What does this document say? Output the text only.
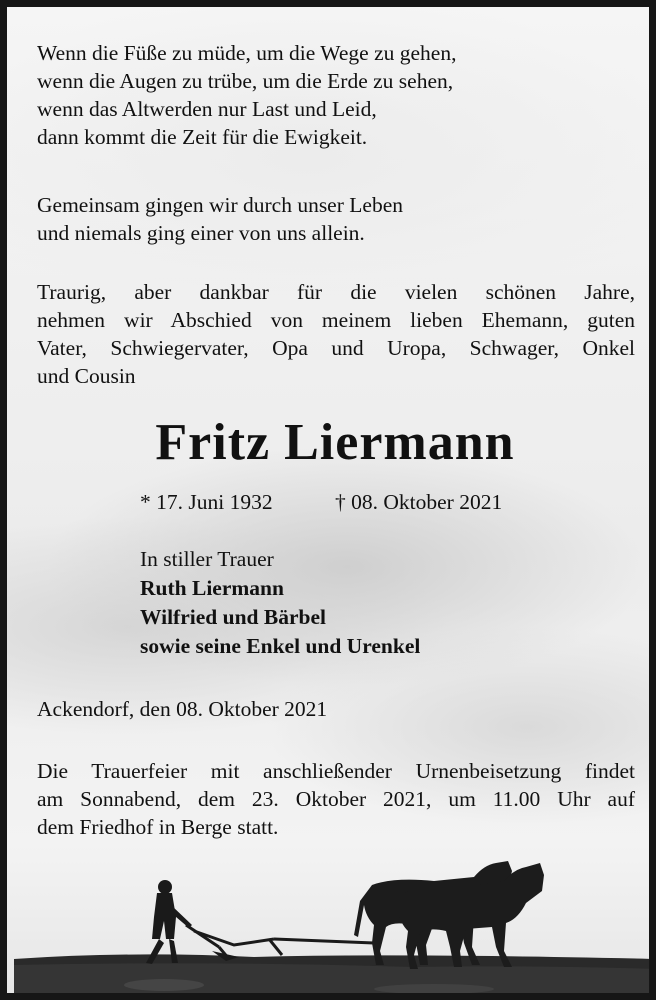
Wenn die Füße zu müde, um die Wege zu gehen,
wenn die Augen zu trübe, um die Erde zu sehen,
wenn das Altwerden nur Last und Leid,
dann kommt die Zeit für die Ewigkeit.

Gemeinsam gingen wir durch unser Leben
und niemals ging einer von uns allein.

Traurig, aber dankbar für die vielen schönen Jahre,
nehmen wir Abschied von meinem lieben Ehemann, guten
Vater, Schwiegervater, Opa und Uropa, Schwager, Onkel
und Cousin

Fritz Liermann
* 17. Juni 1932	† 08. Oktober 2021
In stiller Trauer
Ruth Liermann
Wilfried und Bärbel
sowie seine Enkel und Urenkel

Ackendorf, den 08. Oktober 2021

Die Trauerfeier mit anschließender Urnenbeisetzung findet
am Sonnabend, dem 23. Oktober 2021, um 11.00 Uhr auf
dem Friedhof in Berge statt.
